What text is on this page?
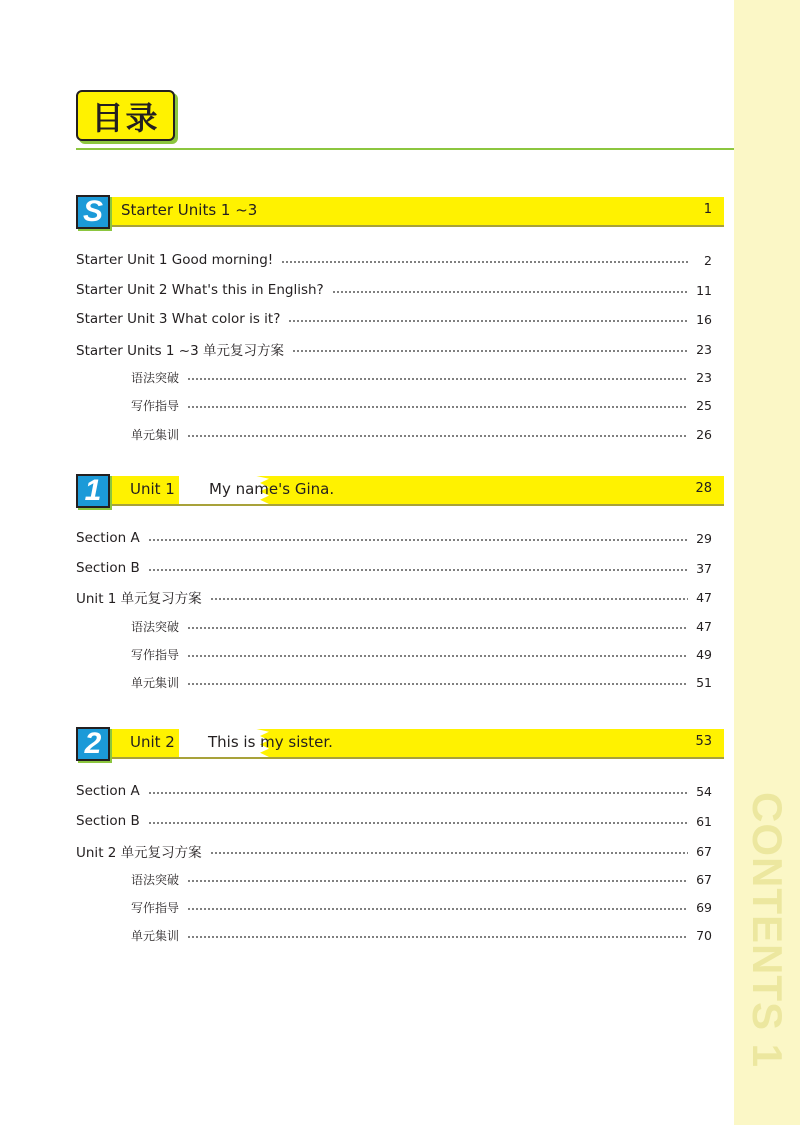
CONTENTS 1
目录
S	Starter Units 1 ~3	1
Starter Unit 1 Good morning!	2
Starter Unit 2 What's this in English?	11
Starter Unit 3 What color is it?	16
Starter Units 1 ~3 单元复习方案	23
语法突破	23
写作指导	25
单元集训	26
1	Unit 1 My name's Gina.	28
Section A	29
Section B	37
Unit 1 单元复习方案	47
语法突破	47
写作指导	49
单元集训	51
2	Unit 2 This is my sister.	53
Section A	54
Section B	61
Unit 2 单元复习方案	67
语法突破	67
写作指导	69
单元集训	70
